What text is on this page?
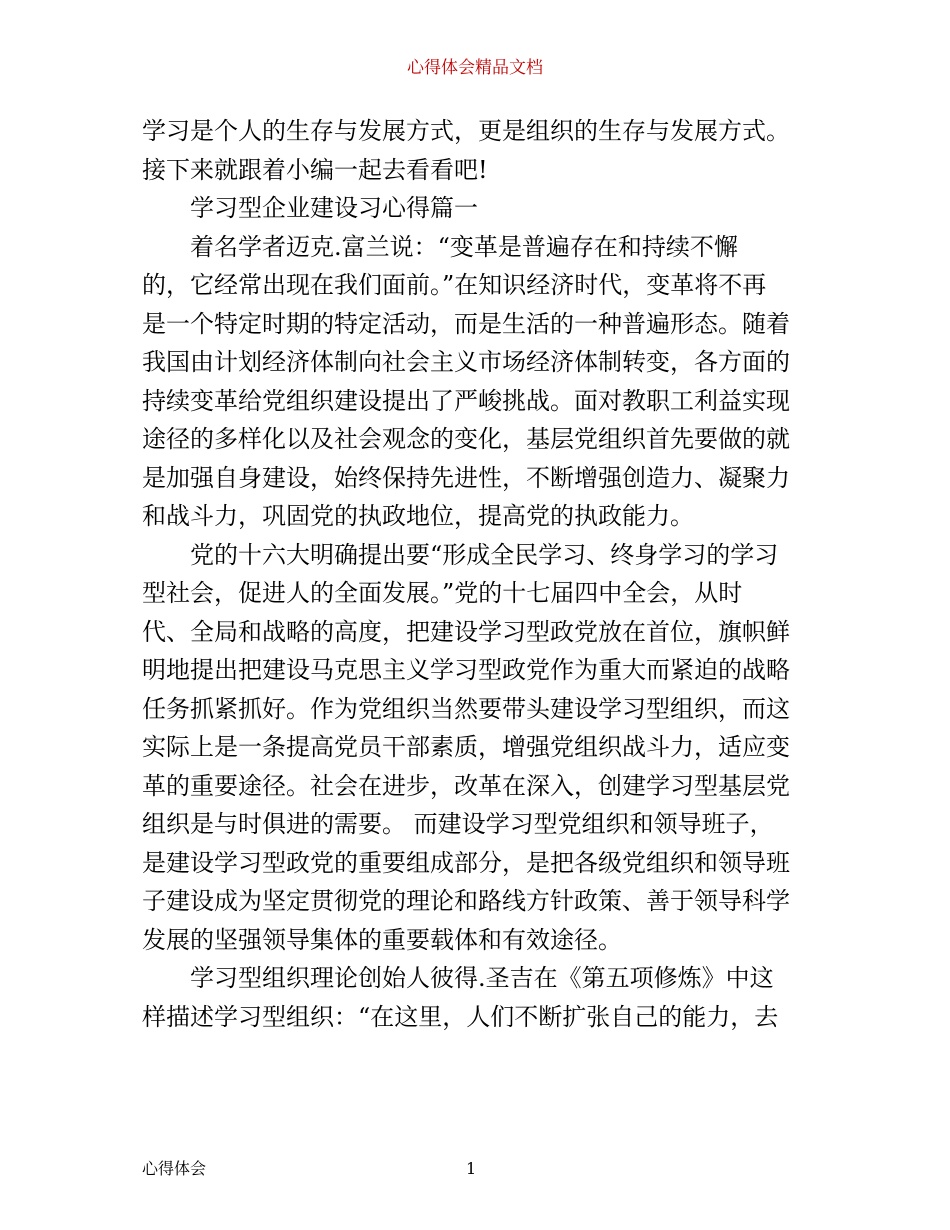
心得体会精品文档
学习是个人的生存与发展方式，更是组织的生存与发展方式。
接下来就跟着小编一起去看看吧!
学习型企业建设习心得篇一
着名学者迈克.富兰说：“变革是普遍存在和持续不懈
的，它经常出现在我们面前。”在知识经济时代，变革将不再
是一个特定时期的特定活动，而是生活的一种普遍形态。随着
我国由计划经济体制向社会主义市场经济体制转变，各方面的
持续变革给党组织建设提出了严峻挑战。面对教职工利益实现
途径的多样化以及社会观念的变化，基层党组织首先要做的就
是加强自身建设，始终保持先进性，不断增强创造力、凝聚力
和战斗力，巩固党的执政地位，提高党的执政能力。
党的十六大明确提出要“形成全民学习、终身学习的学习
型社会，促进人的全面发展。”党的十七届四中全会，从时
代、全局和战略的高度，把建设学习型政党放在首位，旗帜鲜
明地提出把建设马克思主义学习型政党作为重大而紧迫的战略
任务抓紧抓好。作为党组织当然要带头建设学习型组织，而这
实际上是一条提高党员干部素质，增强党组织战斗力，适应变
革的重要途径。社会在进步，改革在深入，创建学习型基层党
组织是与时俱进的需要。 而建设学习型党组织和领导班子，
是建设学习型政党的重要组成部分，是把各级党组织和领导班
子建设成为坚定贯彻党的理论和路线方针政策、善于领导科学
发展的坚强领导集体的重要载体和有效途径。
学习型组织理论创始人彼得.圣吉在《第五项修炼》中这
样描述学习型组织：“在这里，人们不断扩张自己的能力，去
心得体会	1
